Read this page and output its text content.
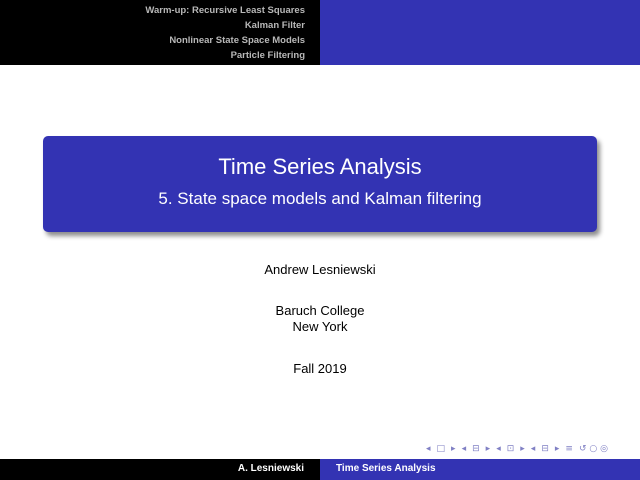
Warm-up: Recursive Least Squares
Kalman Filter
Nonlinear State Space Models
Particle Filtering
Time Series Analysis
5. State space models and Kalman filtering
Andrew Lesniewski
Baruch College
New York
Fall 2019
◂ □ ▸ ◂ ⊟ ▸ ◂ ⊡ ▸ ◂ ⊟ ▸ ≡ ↺ ○ ◎
A. Lesniewski	Time Series Analysis
